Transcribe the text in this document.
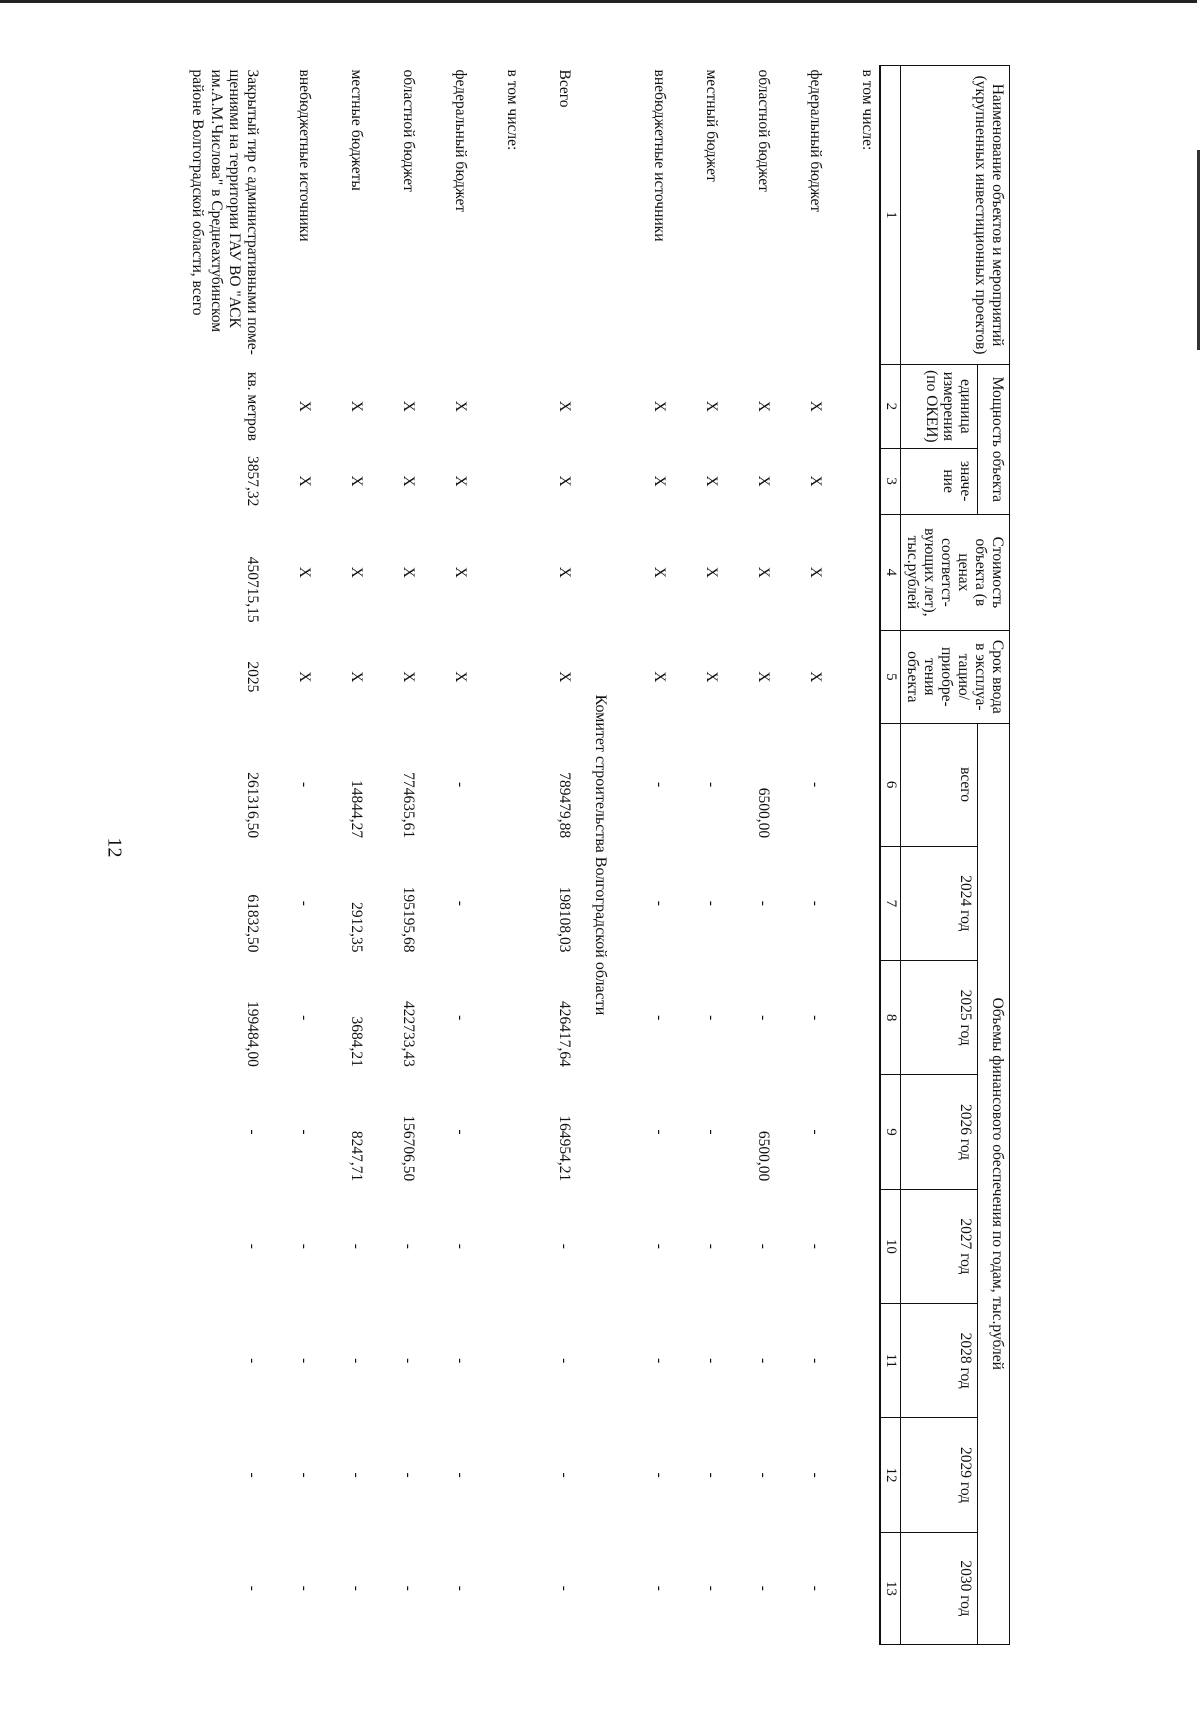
12
Наименование объектов и мероприятий (укрупненных инвестиционных проектов)	Мощность объекта		Стоимость объекта (в ценах соответст-вующих лет), тыс.рублей	Срок ввода в эксплуа-тацию/ приобре-тения объекта	Объемы финансового обеспечения по годам, тыс.рублей							
	единица измерения (по ОКЕИ)	значе-ние			всего	2024 год	2025 год	2026 год	2027 год	2028 год	2029 год	2030 год
1	2	3	4	5	6	7	8	9	10	11	12	13
в том числе:												
федеральный бюджет	X	X	X	X	-	-	-	-	-	-	-	-
областной бюджет	X	X	X	X	6500,00	-	-	6500,00	-	-	-	-
местный бюджет	X	X	X	X	-	-	-	-	-	-	-	-
внебюджетные источники	X	X	X	X	-	-	-	-	-	-	-	-
Комитет строительства Волгоградской области												
Всего	X	X	X	X	789479,88	198108,03	426417,64	164954,21	-	-	-	-
в том числе:												
федеральный бюджет	X	X	X	X	-	-	-	-	-	-	-	-
областной бюджет	X	X	X	X	774635,61	195195,68	422733,43	156706,50	-	-	-	-
местные бюджеты	X	X	X	X	14844,27	2912,35	3684,21	8247,71	-	-	-	-
внебюджетные источники	X	X	X	X	-	-	-	-	-	-	-	-
Закрытый тир с административными поме-щениями на территории ГАУ ВО "АСК им.А.М.Числова" в Среднеахтубинском районе Волгоградской области, всего	кв. метров	3857,32	450715,15	2025	261316,50	61832,50	199484,00	-	-	-	-	-
